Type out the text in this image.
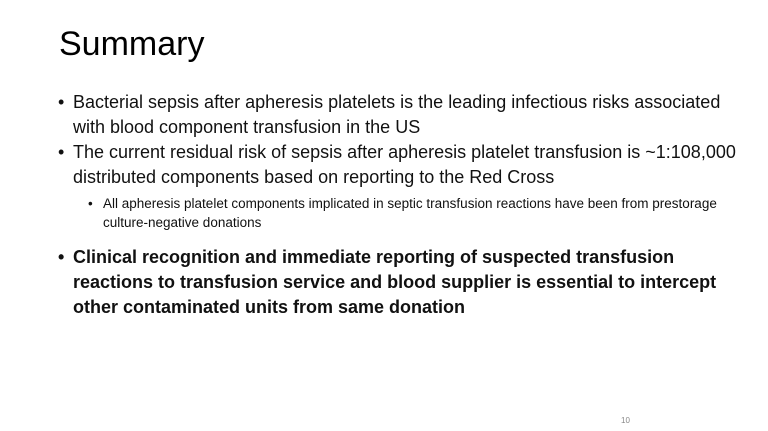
Summary
• Bacterial sepsis after apheresis platelets is the leading infectious risks associated with blood component transfusion in the US
• The current residual risk of sepsis after apheresis platelet transfusion is ~1:108,000 distributed components based on reporting to the Red Cross
• All apheresis platelet components implicated in septic transfusion reactions have been from prestorage culture-negative donations
• Clinical recognition and immediate reporting of suspected transfusion reactions to transfusion service and blood supplier is essential to intercept other contaminated units from same donation
10
